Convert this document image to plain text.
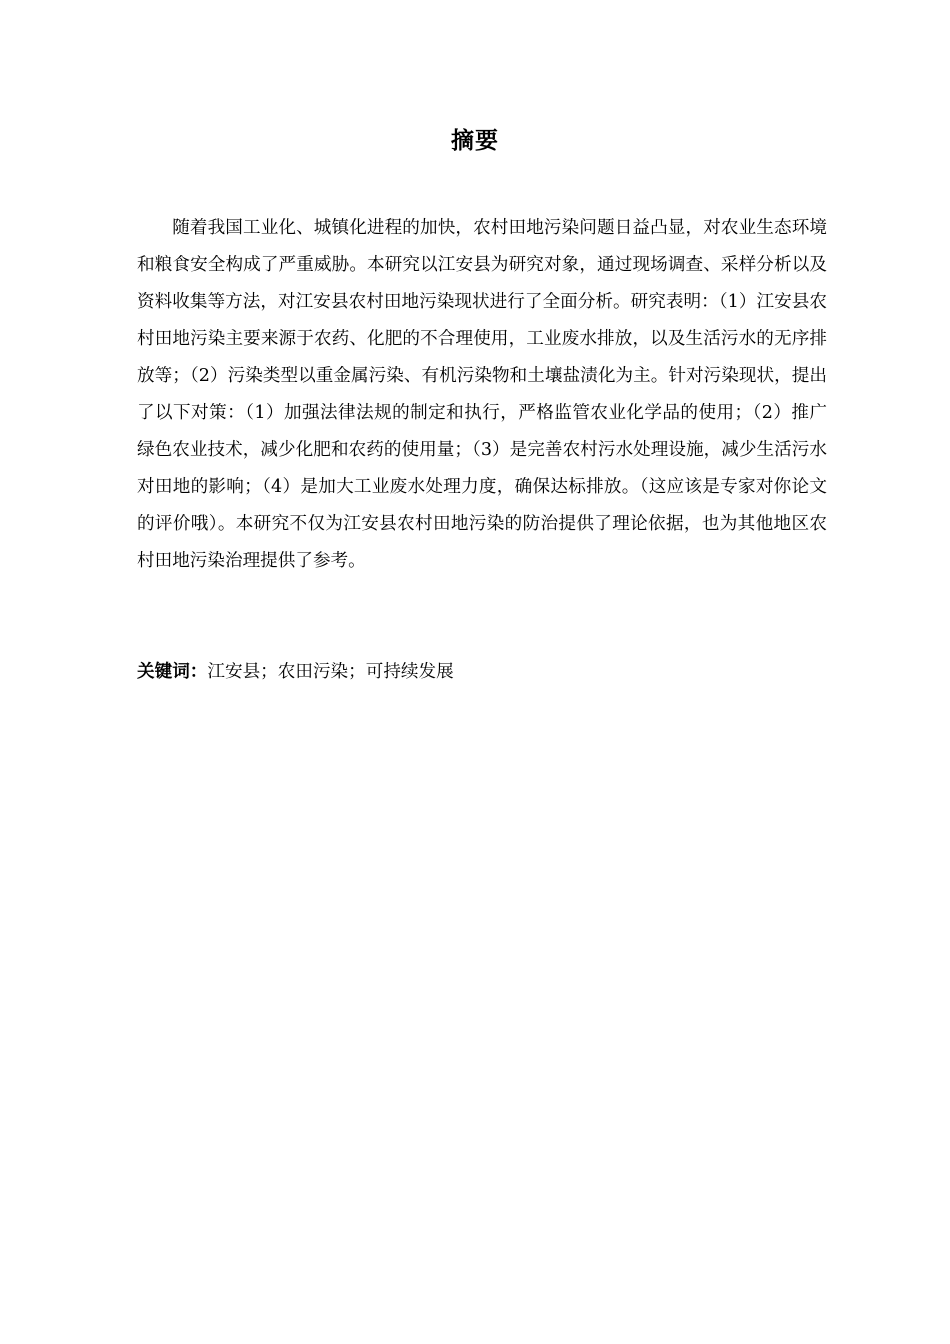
摘要

随着我国工业化、城镇化进程的加快，农村田地污染问题日益凸显，对农业生态环境和粮食安全构成了严重威胁。本研究以江安县为研究对象，通过现场调查、采样分析以及资料收集等方法，对江安县农村田地污染现状进行了全面分析。研究表明：（1）江安县农村田地污染主要来源于农药、化肥的不合理使用，工业废水排放，以及生活污水的无序排放等；（2）污染类型以重金属污染、有机污染物和土壤盐渍化为主。针对污染现状，提出了以下对策：（1）加强法律法规的制定和执行，严格监管农业化学品的使用；（2）推广绿色农业技术，减少化肥和农药的使用量；（3）是完善农村污水处理设施，减少生活污水对田地的影响；（4）是加大工业废水处理力度，确保达标排放。（这应该是专家对你论文的评价哦）。本研究不仅为江安县农村田地污染的防治提供了理论依据，也为其他地区农村田地污染治理提供了参考。

关键词：江安县；农田污染；可持续发展
